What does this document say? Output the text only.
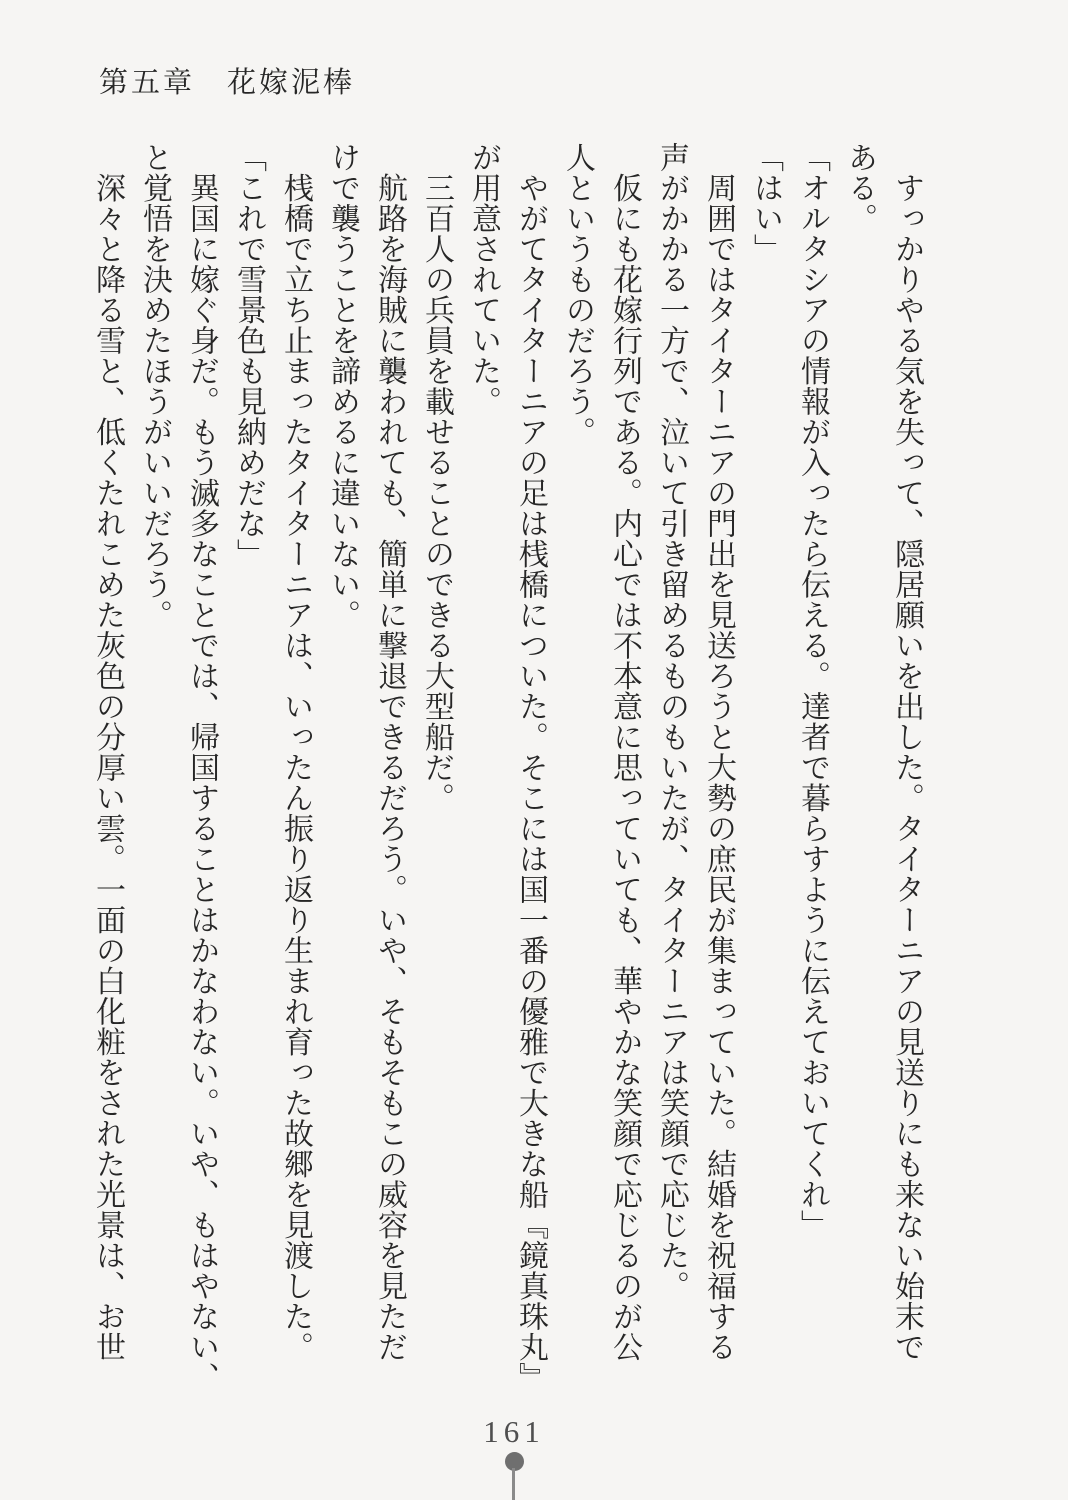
第五章　花嫁泥棒

　すっかりやる気を失って、隠居願いを出した。タイターニアの見送りにも来ない始末で

ある。

「オルタシアの情報が入ったら伝える。達者で暮らすように伝えておいてくれ」

「はい」

　周囲ではタイターニアの門出を見送ろうと大勢の庶民が集まっていた。結婚を祝福する

声がかかる一方で、泣いて引き留めるものもいたが、タイターニアは笑顔で応じた。

　仮にも花嫁行列である。内心では不本意に思っていても、華やかな笑顔で応じるのが公

人というものだろう。

　やがてタイターニアの足は桟橋についた。そこには国一番の優雅で大きな船『鏡真珠丸』

が用意されていた。

　三百人の兵員を載せることのできる大型船だ。

　航路を海賊に襲われても、簡単に撃退できるだろう。いや、そもそもこの威容を見ただ

けで襲うことを諦めるに違いない。

　桟橋で立ち止まったタイターニアは、いったん振り返り生まれ育った故郷を見渡した。

「これで雪景色も見納めだな」

　異国に嫁ぐ身だ。もう滅多なことでは、帰国することはかなわない。いや、もはやない、

と覚悟を決めたほうがいいだろう。

　深々と降る雪と、低くたれこめた灰色の分厚い雲。一面の白化粧をされた光景は、お世

161
